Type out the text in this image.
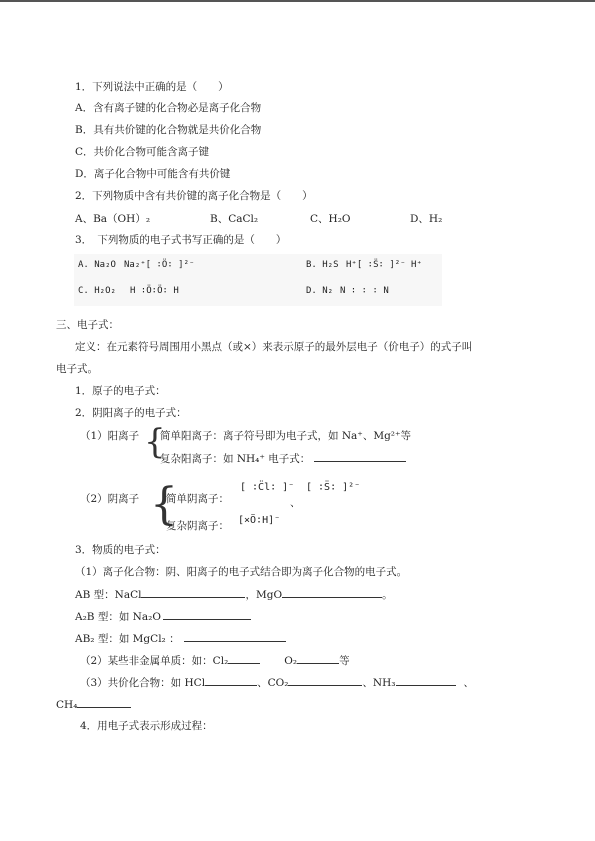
1．下列说法中正确的是（　　）
A．含有离子键的化合物必是离子化合物
B．具有共价键的化合物就是共价化合物
C．共价化合物可能含离子键
D．离子化合物中可能含有共价键
2．下列物质中含有共价键的离子化合物是（　　）
A、Ba（OH）₂	B、CaCl₂	C、H₂O	D、H₂
3．　下列物质的电子式书写正确的是（　　）
A. Na₂O Na₂⁺[ ∶Ö∶ ]²⁻	B. H₂S H⁺[ ∶S̈∶ ]²⁻ H⁺
C. H₂O₂ H ∶Ö∶Ö∶ H	D. N₂ N ∶ ∶ ∶ N
三、电子式：
定义：在元素符号周围用小黑点（或×）来表示原子的最外层电子（价电子）的式子叫
电子式。
1．原子的电子式：
2．阴阳离子的电子式：
（1）阳离子 {
简单阳离子：离子符号即为电子式，如 Na⁺、Mg²⁺等
复杂阳离子：如 NH₄⁺ 电子式：
（2）阴离子 {
简单阴离子：
[ ∶C̈l∶ ]⁻
、
[ ∶S̈∶ ]²⁻
复杂阴离子： [×Ö∶H]⁻
3．物质的电子式：
（1）离子化合物：阴、阳离子的电子式结合即为离子化合物的电子式。
AB 型：NaCl	，MgO	。
A₂B 型：如 Na₂O
AB₂ 型：如 MgCl₂ ：
（2）某些非金属单质：如：Cl₂	O₂	等
（3）共价化合物：如 HCl	、CO₂	、NH₃	、
CH₄
4．用电子式表示形成过程：
